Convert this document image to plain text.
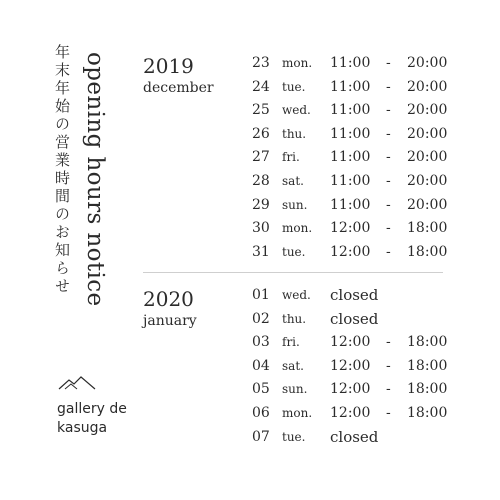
opening hours notice
年末年始の営業時間のお知らせ
gallery de
kasuga
2019
december
23 mon. 11:00 - 20:00
24 tue. 11:00 - 20:00
25 wed. 11:00 - 20:00
26 thu. 11:00 - 20:00
27 fri. 11:00 - 20:00
28 sat. 11:00 - 20:00
29 sun. 11:00 - 20:00
30 mon. 12:00 - 18:00
31 tue. 12:00 - 18:00
2020
january
01 wed. closed
02 thu. closed
03 fri. 12:00 - 18:00
04 sat. 12:00 - 18:00
05 sun. 12:00 - 18:00
06 mon. 12:00 - 18:00
07 tue. closed
